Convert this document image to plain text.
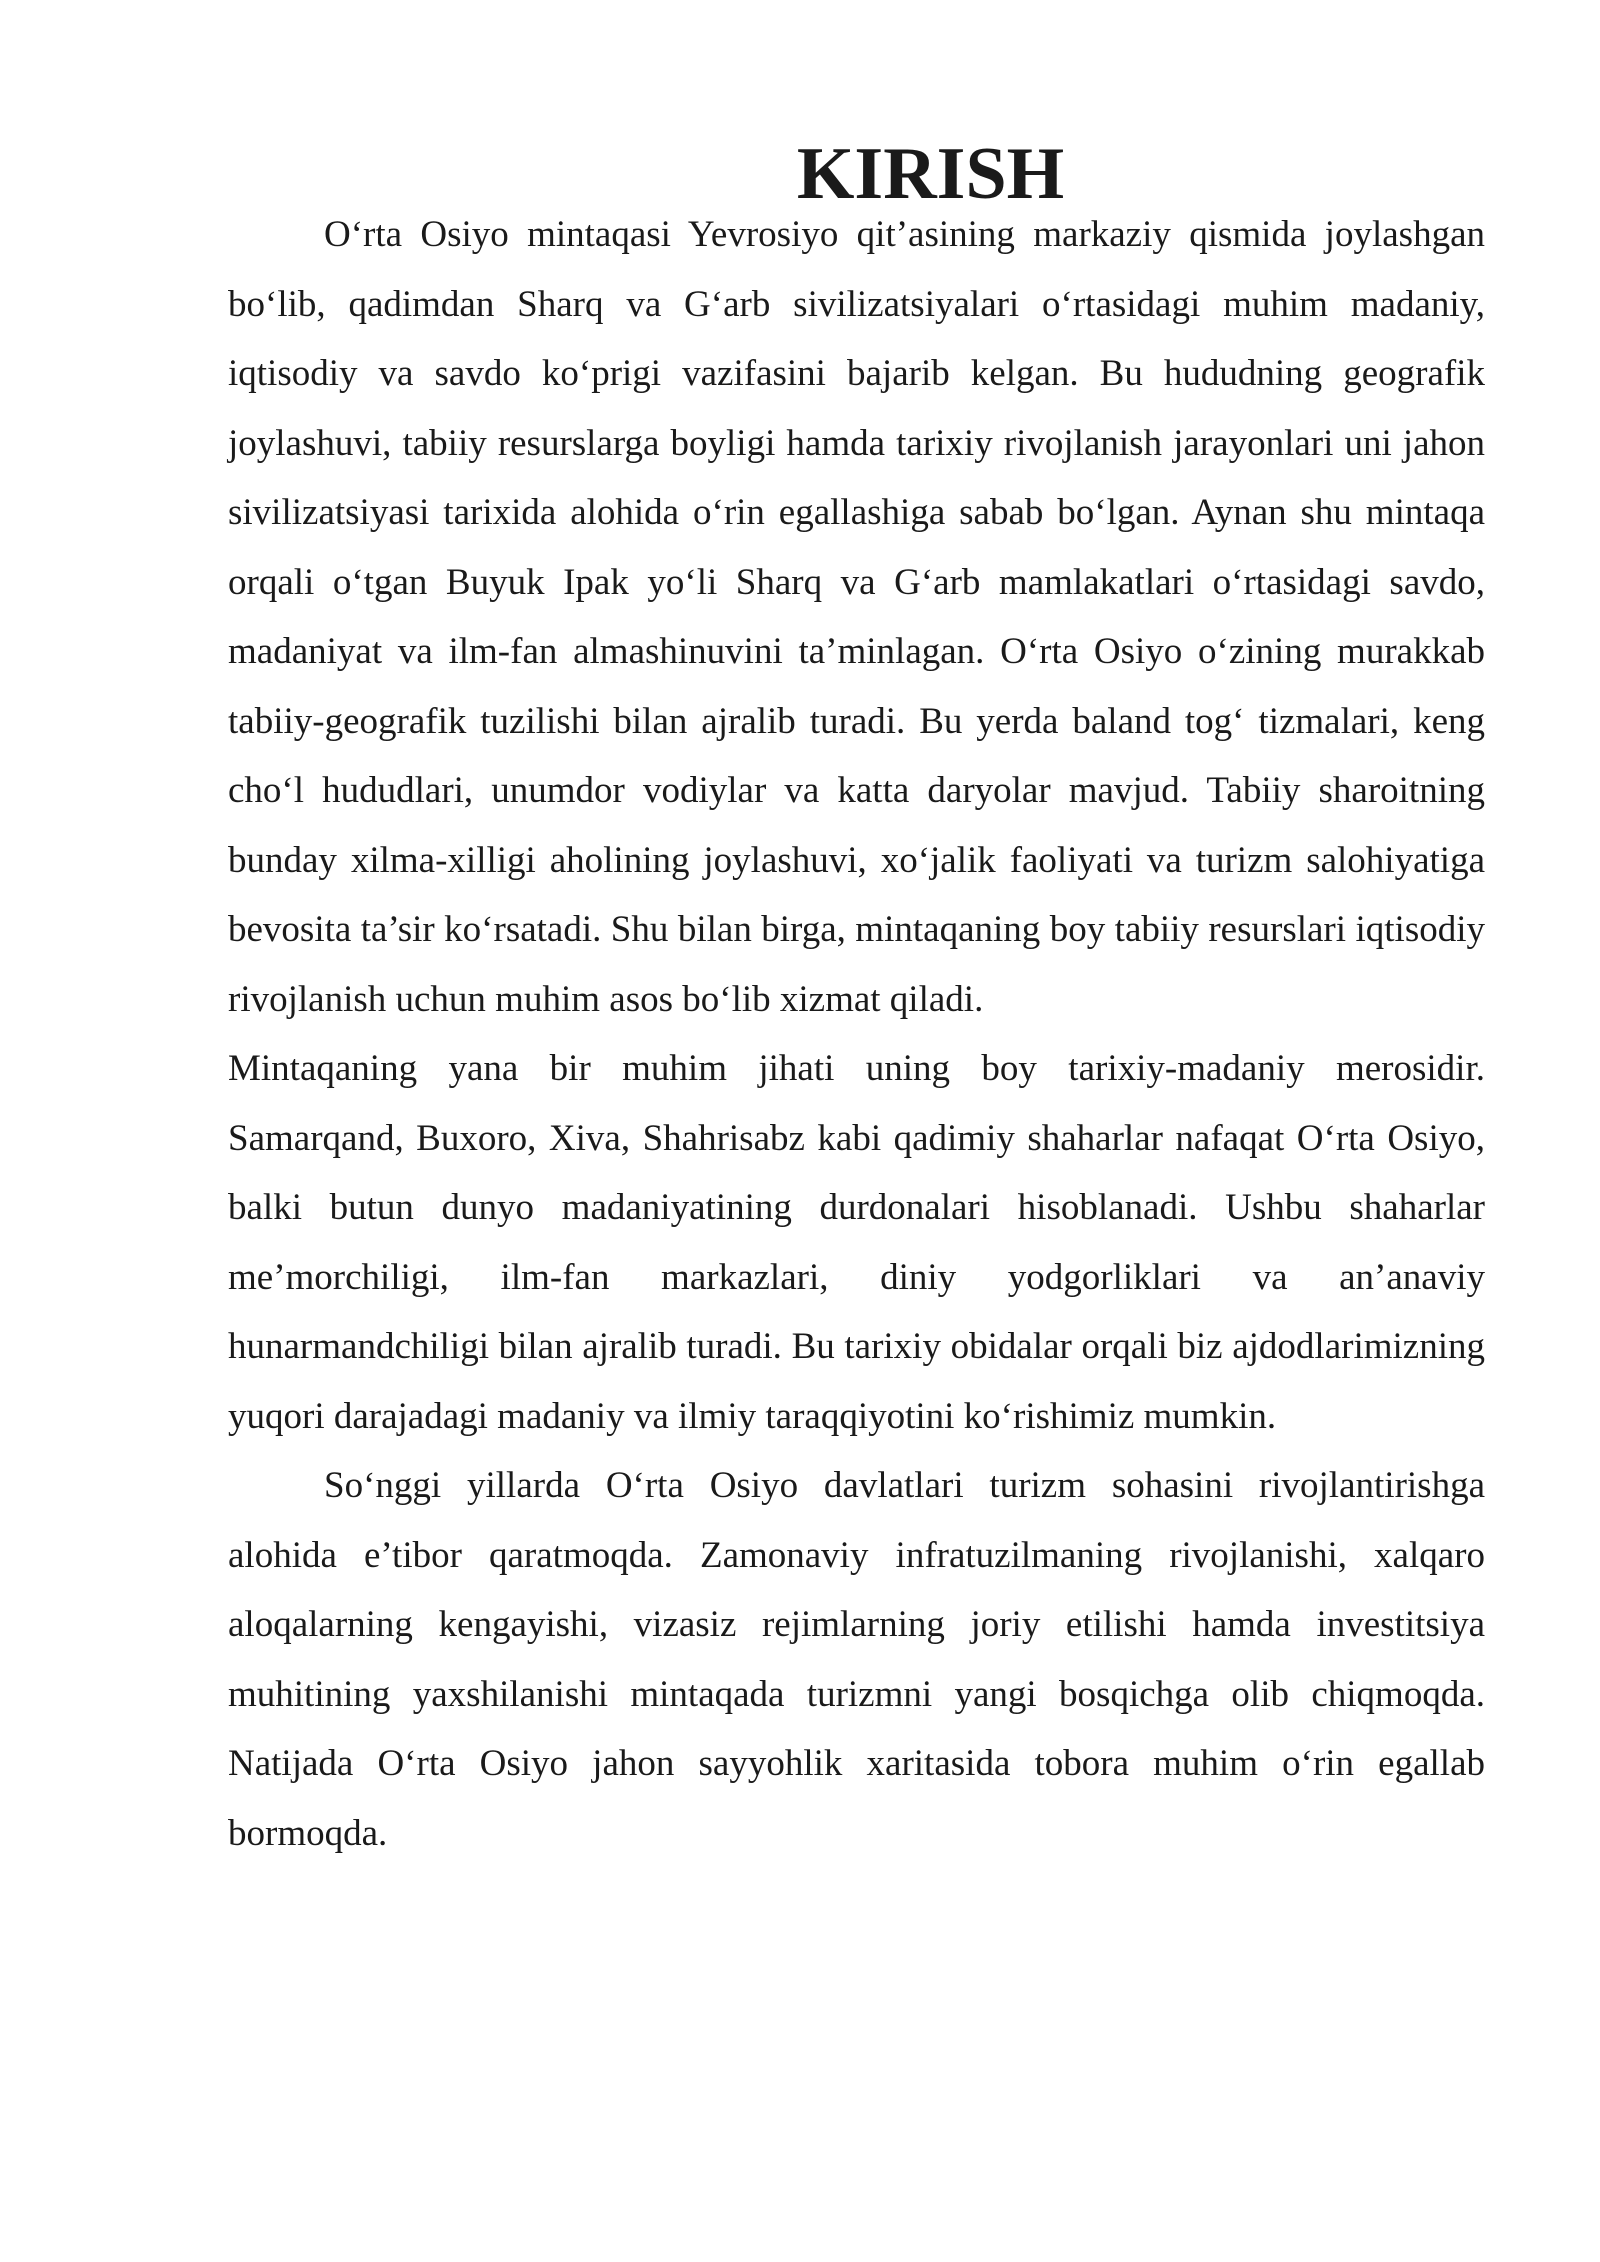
KIRISH

O‘rta Osiyo mintaqasi Yevrosiyo qit’asining markaziy qismida joylashgan bo‘lib, qadimdan Sharq va G‘arb sivilizatsiyalari o‘rtasidagi muhim madaniy, iqtisodiy va savdo ko‘prigi vazifasini bajarib kelgan. Bu hududning geografik joylashuvi, tabiiy resurslarga boyligi hamda tarixiy rivojlanish jarayonlari uni jahon sivilizatsiyasi tarixida alohida o‘rin egallashiga sabab bo‘lgan. Aynan shu mintaqa orqali o‘tgan Buyuk Ipak yo‘li Sharq va G‘arb mamlakatlari o‘rtasidagi savdo, madaniyat va ilm-fan almashinuvini ta’minlagan. O‘rta Osiyo o‘zining murakkab tabiiy-geografik tuzilishi bilan ajralib turadi. Bu yerda baland tog‘ tizmalari, keng cho‘l hududlari, unumdor vodiylar va katta daryolar mavjud. Tabiiy sharoitning bunday xilma-xilligi aholining joylashuvi, xo‘jalik faoliyati va turizm salohiyatiga bevosita ta’sir ko‘rsatadi. Shu bilan birga, mintaqaning boy tabiiy resurslari iqtisodiy rivojlanish uchun muhim asos bo‘lib xizmat qiladi.

Mintaqaning yana bir muhim jihati uning boy tarixiy-madaniy merosidir. Samarqand, Buxoro, Xiva, Shahrisabz kabi qadimiy shaharlar nafaqat O‘rta Osiyo, balki butun dunyo madaniyatining durdonalari hisoblanadi. Ushbu shaharlar me’morchiligi, ilm-fan markazlari, diniy yodgorliklari va an’anaviy hunarmandchiligi bilan ajralib turadi. Bu tarixiy obidalar orqali biz ajdodlarimizning yuqori darajadagi madaniy va ilmiy taraqqiyotini ko‘rishimiz mumkin.

So‘nggi yillarda O‘rta Osiyo davlatlari turizm sohasini rivojlantirishga alohida e’tibor qaratmoqda. Zamonaviy infratuzilmaning rivojlanishi, xalqaro aloqalarning kengayishi, vizasiz rejimlarning joriy etilishi hamda investitsiya muhitining yaxshilanishi mintaqada turizmni yangi bosqichga olib chiqmoqda. Natijada O‘rta Osiyo jahon sayyohlik xaritasida tobora muhim o‘rin egallab bormoqda.
